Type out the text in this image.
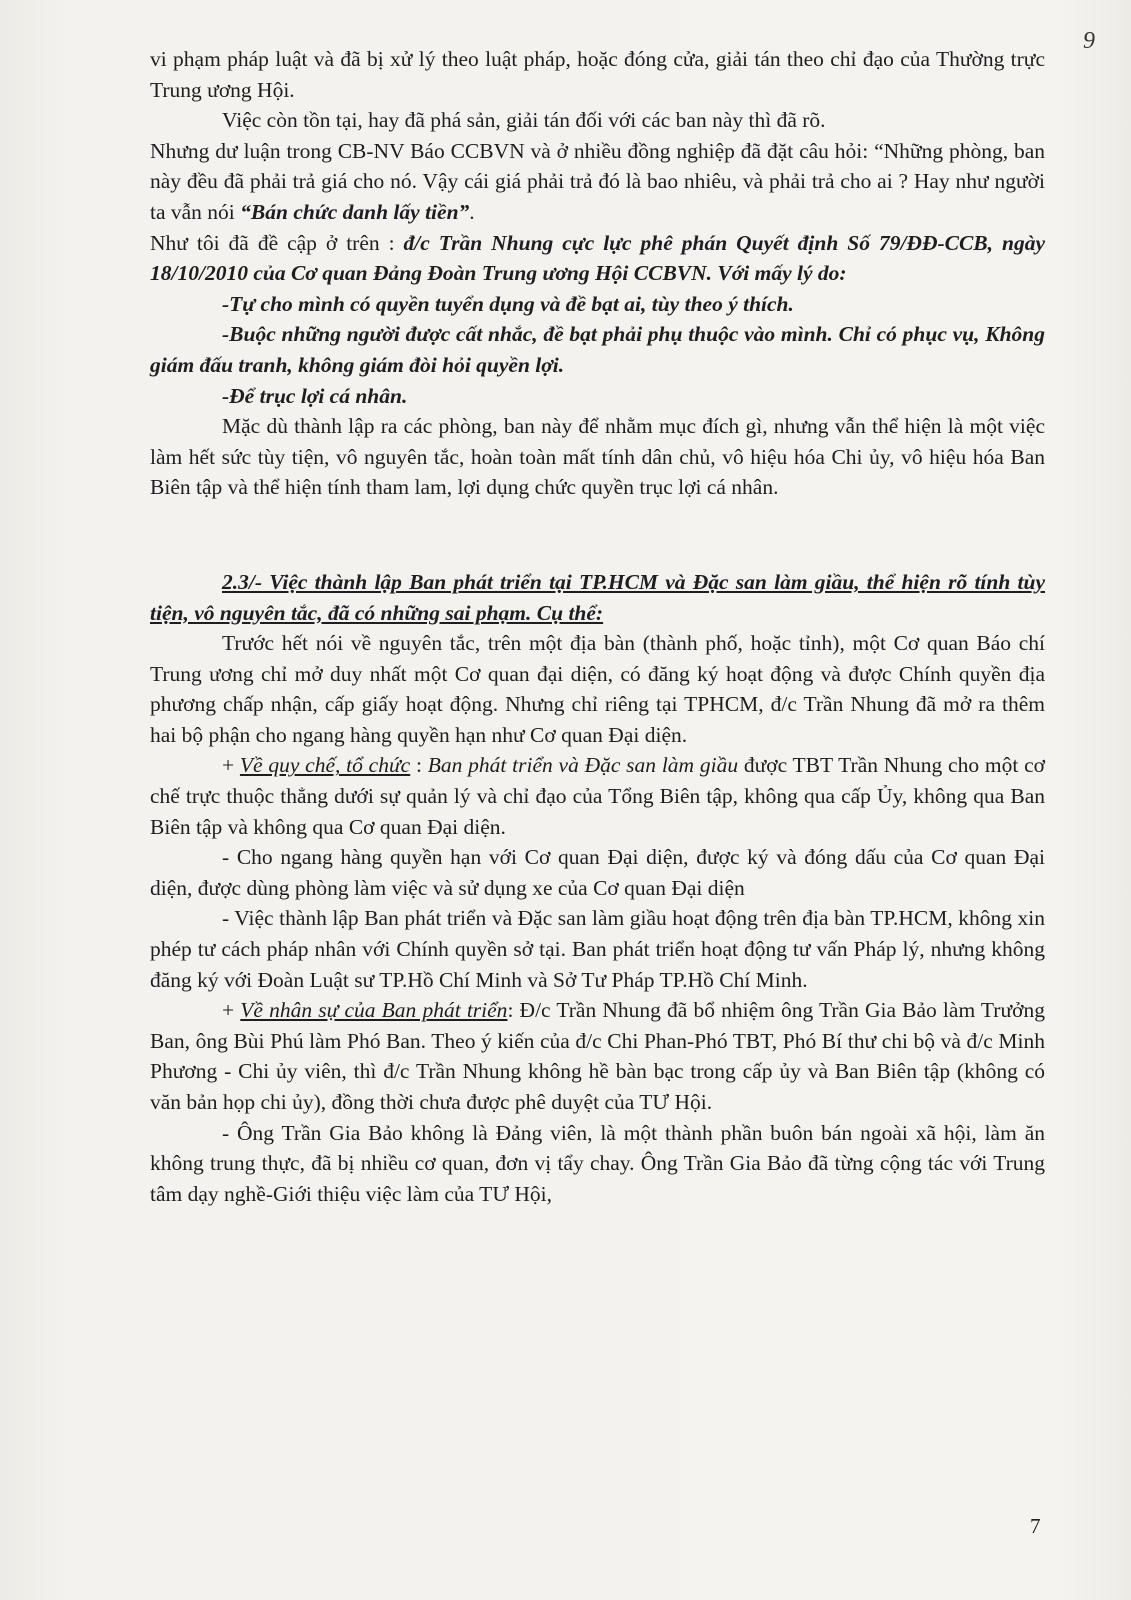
9

vi phạm pháp luật và đã bị xử lý theo luật pháp, hoặc đóng cửa, giải tán theo chỉ đạo của Thường trực Trung ương Hội.

Việc còn tồn tại, hay đã phá sản, giải tán đối với các ban này thì đã rõ.

Nhưng dư luận trong CB-NV Báo CCBVN và ở nhiều đồng nghiệp đã đặt câu hỏi: “Những phòng, ban này đều đã phải trả giá cho nó. Vậy cái giá phải trả đó là bao nhiêu, và phải trả cho ai ? Hay như người ta vẫn nói “Bán chức danh lấy tiền”.

Như tôi đã đề cập ở trên : đ/c Trần Nhung cực lực phê phán Quyết định Số 79/ĐĐ-CCB, ngày 18/10/2010 của Cơ quan Đảng Đoàn Trung ương Hội CCBVN. Với mấy lý do:

-Tự cho mình có quyền tuyển dụng và đề bạt ai, tùy theo ý thích.

-Buộc những người được cất nhắc, đề bạt phải phụ thuộc vào mình. Chỉ có phục vụ, Không giám đấu tranh, không giám đòi hỏi quyền lợi.

-Để trục lợi cá nhân.

Mặc dù thành lập ra các phòng, ban này để nhằm mục đích gì, nhưng vẫn thể hiện là một việc làm hết sức tùy tiện, vô nguyên tắc, hoàn toàn mất tính dân chủ, vô hiệu hóa Chi ủy, vô hiệu hóa Ban Biên tập và thể hiện tính tham lam, lợi dụng chức quyền trục lợi cá nhân.

2.3/- Việc thành lập Ban phát triển tại TP.HCM và Đặc san làm giầu, thể hiện rõ tính tùy tiện, vô nguyên tắc, đã có những sai phạm. Cụ thể:

Trước hết nói về nguyên tắc, trên một địa bàn (thành phố, hoặc tỉnh), một Cơ quan Báo chí Trung ương chỉ mở duy nhất một Cơ quan đại diện, có đăng ký hoạt động và được Chính quyền địa phương chấp nhận, cấp giấy hoạt động. Nhưng chỉ riêng tại TPHCM, đ/c Trần Nhung đã mở ra thêm hai bộ phận cho ngang hàng quyền hạn như Cơ quan Đại diện.

+ Về quy chế, tổ chức : Ban phát triển và Đặc san làm giầu được TBT Trần Nhung cho một cơ chế trực thuộc thẳng dưới sự quản lý và chỉ đạo của Tổng Biên tập, không qua cấp Ủy, không qua Ban Biên tập và không qua Cơ quan Đại diện.

- Cho ngang hàng quyền hạn với Cơ quan Đại diện, được ký và đóng dấu của Cơ quan Đại diện, được dùng phòng làm việc và sử dụng xe của Cơ quan Đại diện

- Việc thành lập Ban phát triển và Đặc san làm giầu hoạt động trên địa bàn TP.HCM, không xin phép tư cách pháp nhân với Chính quyền sở tại. Ban phát triển hoạt động tư vấn Pháp lý, nhưng không đăng ký với Đoàn Luật sư TP.Hồ Chí Minh và Sở Tư Pháp TP.Hồ Chí Minh.

+ Về nhân sự của Ban phát triển: Đ/c Trần Nhung đã bổ nhiệm ông Trần Gia Bảo làm Trưởng Ban, ông Bùi Phú làm Phó Ban. Theo ý kiến của đ/c Chi Phan-Phó TBT, Phó Bí thư chi bộ và đ/c Minh Phương - Chi ủy viên, thì đ/c Trần Nhung không hề bàn bạc trong cấp ủy và Ban Biên tập (không có văn bản họp chi ủy), đồng thời chưa được phê duyệt của TƯ Hội.

- Ông Trần Gia Bảo không là Đảng viên, là một thành phần buôn bán ngoài xã hội, làm ăn không trung thực, đã bị nhiều cơ quan, đơn vị tẩy chay. Ông Trần Gia Bảo đã từng cộng tác với Trung tâm dạy nghề-Giới thiệu việc làm của TƯ Hội,

7
